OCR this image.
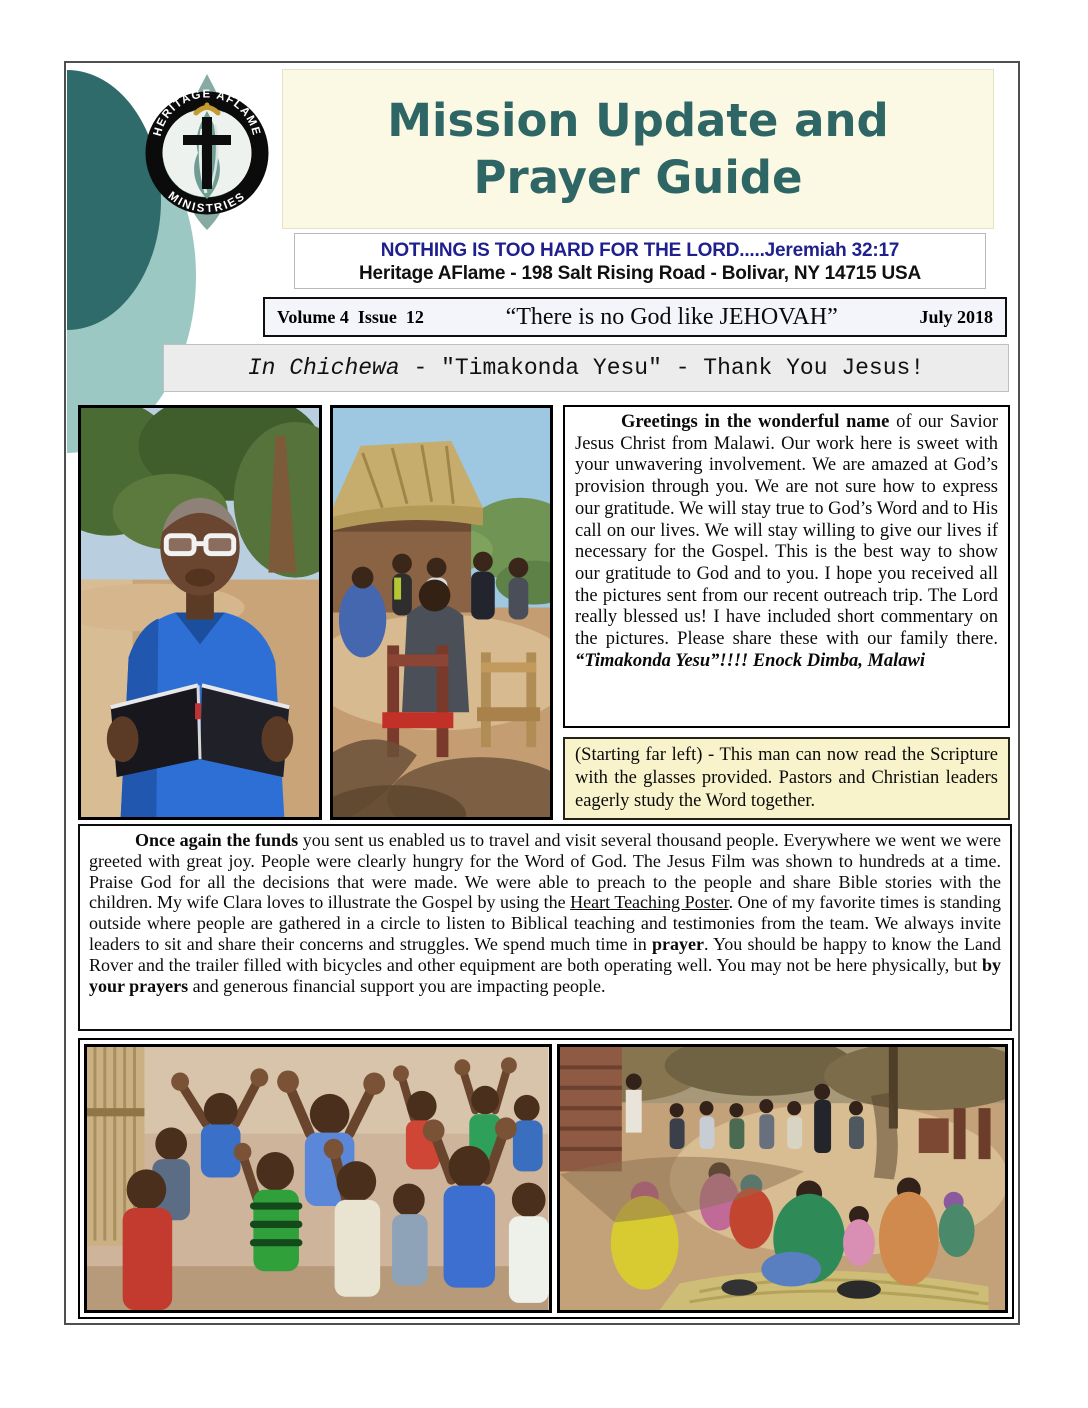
HERITAGE AFLAME
MINISTRIES
Mission Update and
Prayer Guide
NOTHING IS TOO HARD FOR THE LORD.....Jeremiah 32:17
Heritage AFlame - 198 Salt Rising Road - Bolivar, NY 14715 USA
Volume 4  Issue  12	“There is no God like JEHOVAH”	July 2018
In Chichewa - "Timakonda Yesu" - Thank You Jesus!

Greetings in the wonderful name of our Savior Jesus Christ from Malawi. Our work here is sweet with your unwavering involvement. We are amazed at God’s provision through you. We are not sure how to express our gratitude. We will stay true to God’s Word and to His call on our lives. We will stay willing to give our lives if necessary for the Gospel. This is the best way to show our gratitude to God and to you. I hope you received all the pictures sent from our recent outreach trip. The Lord really blessed us! I have included short commentary on the pictures. Please share these with our family there. “Timakonda Yesu”!!!! Enock Dimba, Malawi

(Starting far left) - This man can now read the Scripture with the glasses provided. Pastors and Christian leaders eagerly study the Word together.

Once again the funds you sent us enabled us to travel and visit several thousand people. Everywhere we went we were greeted with great joy. People were clearly hungry for the Word of God. The Jesus Film was shown to hundreds at a time. Praise God for all the decisions that were made. We were able to preach to the people and share Bible stories with the children. My wife Clara loves to illustrate the Gospel by using the Heart Teaching Poster. One of my favorite times is standing outside where people are gathered in a circle to listen to Biblical teaching and testimonies from the team. We always invite leaders to sit and share their concerns and struggles. We spend much time in prayer. You should be happy to know the Land Rover and the trailer filled with bicycles and other equipment are both operating well. You may not be here physically, but by your prayers and generous financial support you are impacting people.
